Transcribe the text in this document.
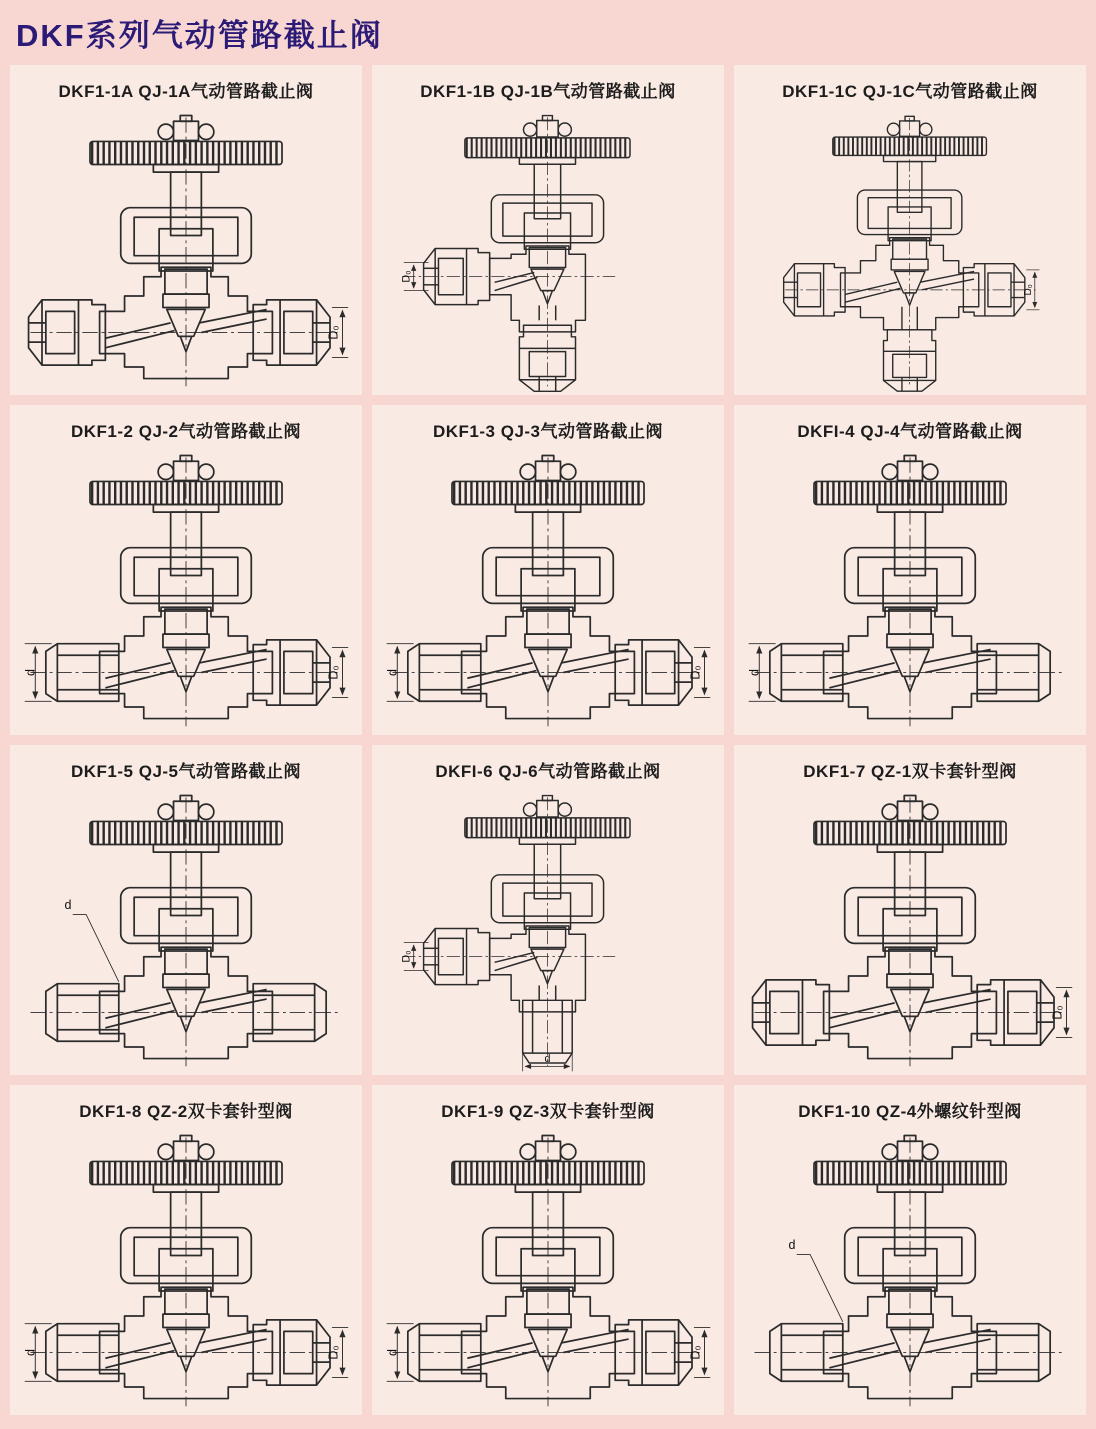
DKF系列气动管路截止阀
DKF1-1A QJ-1A气动管路截止阀
D₀
DKF1-1B QJ-1B气动管路截止阀
D₀
DKF1-1C QJ-1C气动管路截止阀
D₀
DKF1-2 QJ-2气动管路截止阀
d	D₀
DKF1-3 QJ-3气动管路截止阀
d	D₀
DKFI-4 QJ-4气动管路截止阀
d
DKF1-5 QJ-5气动管路截止阀
d
DKFI-6 QJ-6气动管路截止阀
D₀
d
DKF1-7 QZ-1双卡套针型阀
D₀
DKF1-8 QZ-2双卡套针型阀
d	D₀
DKF1-9 QZ-3双卡套针型阀
d	D₀
DKF1-10 QZ-4外螺纹针型阀
d
